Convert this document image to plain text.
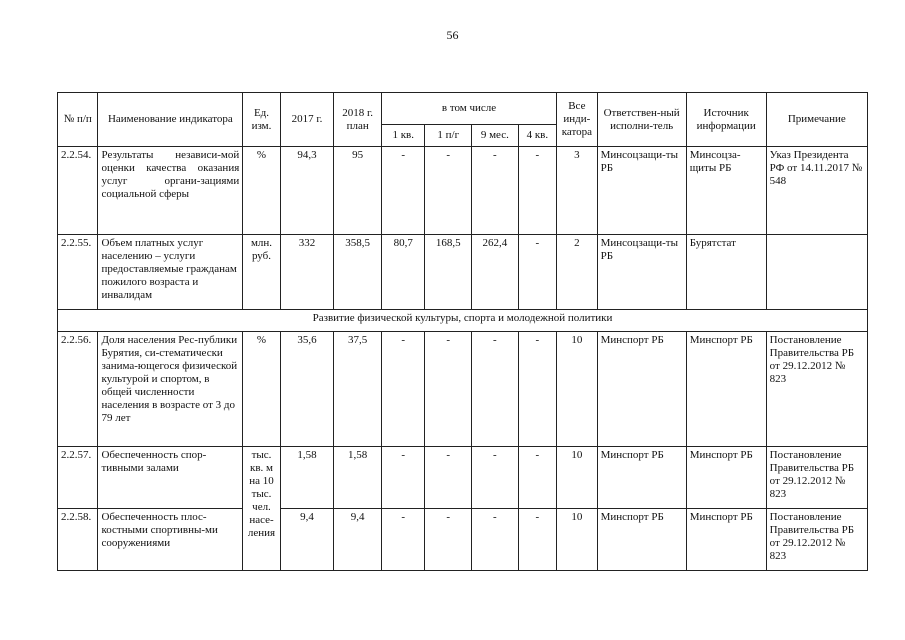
56
№ п/п	Наименование индикатора	Ед. изм.	2017 г.	2018 г. план	в том числе				Все инди-катора	Ответствен-ный исполни-тель	Источник информации	Примечание
					1 кв.	1 п/г	9 мес.	4 кв.				
2.2.54.	Результаты независи-мой оценки качества оказания услуг органи-зациями социальной сферы	%	94,3	95	-	-	-	-	3	Минсоцзащи-ты РБ	Минсоцза-щиты РБ	Указ Президента РФ от 14.11.2017 № 548
2.2.55.	Объем платных услуг населению – услуги предоставляемые гражданам пожилого возраста и инвалидам	млн. руб.	332	358,5	80,7	168,5	262,4	-	2	Минсоцзащи-ты РБ	Бурятстат	
Развитие физической культуры, спорта и молодежной политики												
2.2.56.	Доля населения Рес-публики Бурятия, си-стематически занима-ющегося физической культурой и спортом, в общей численности населения в возрасте от 3 до 79 лет	%	35,6	37,5	-	-	-	-	10	Минспорт РБ	Минспорт РБ	Постановление Правительства РБ от 29.12.2012 № 823
2.2.57.	Обеспеченность спор-тивными залами	тыс. кв. м на 10 тыс. чел. насе-ления	1,58	1,58	-	-	-	-	10	Минспорт РБ	Минспорт РБ	Постановление Правительства РБ от 29.12.2012 № 823
2.2.58.	Обеспеченность плос-костными спортивны-ми сооружениями		9,4	9,4	-	-	-	-	10	Минспорт РБ	Минспорт РБ	Постановление Правительства РБ от 29.12.2012 № 823
